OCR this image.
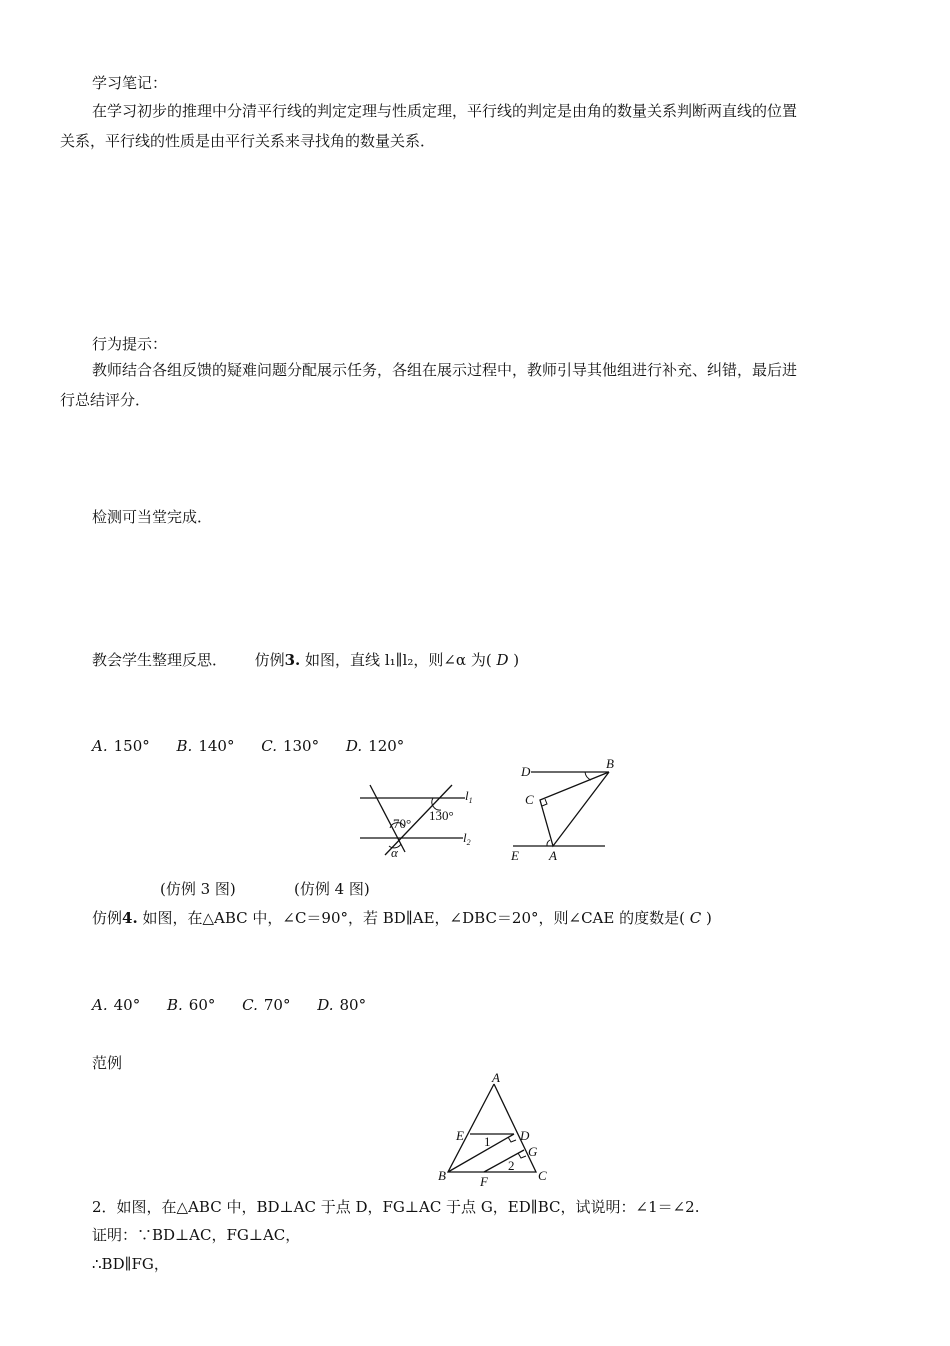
学习笔记：
在学习初步的推理中分清平行线的判定定理与性质定理，平行线的判定是由角的数量关系判断两直线的位置
关系，平行线的性质是由平行关系来寻找角的数量关系．
行为提示：
教师结合各组反馈的疑难问题分配展示任务，各组在展示过程中，教师引导其他组进行补充、纠错，最后进
行总结评分．
检测可当堂完成．
教会学生整理反思． 仿例3. 如图，直线 l₁∥l₂，则∠α 为( D )
A. 150° B. 140° C. 130° D. 120°
$l_1$
$l_2$
70°
130°
α
D
B
C
E A
(仿例 3 图)	(仿例 4 图)
仿例4. 如图，在△ABC 中，∠C＝90°，若 BD∥AE，∠DBC＝20°，则∠CAE 的度数是( C )
A. 40° B. 60° C. 70° D. 80°
范例
A
E	D
G
B	F	C
1
2
2．如图，在△ABC 中，BD⊥AC 于点 D，FG⊥AC 于点 G，ED∥BC，试说明：∠1＝∠2.
证明：∵BD⊥AC，FG⊥AC，
∴BD∥FG，
